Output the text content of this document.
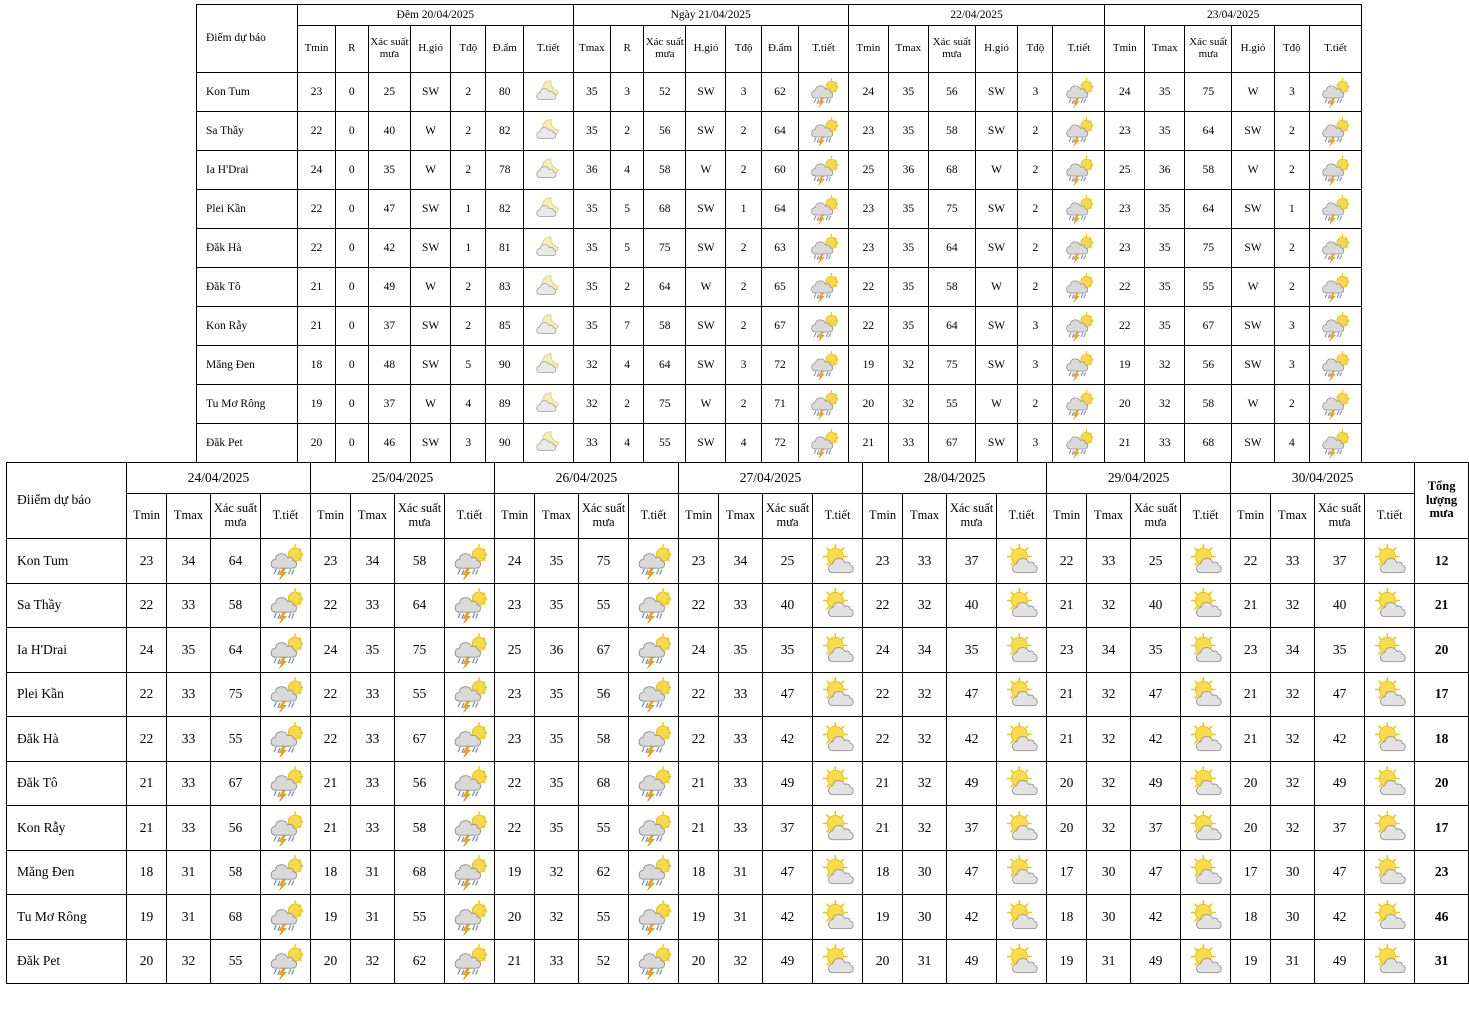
Điểm dự báo	Đêm 20/04/2025							Ngày 21/04/2025							22/04/2025						23/04/2025					
	Tmin	R	Xác suất mưa	H.gió	Tđộ	Đ.ẩm	T.tiết	Tmax	R	Xác suất mưa	H.gió	Tđộ	Đ.ẩm	T.tiết	Tmin	Tmax	Xác suất mưa	H.gió	Tđộ	T.tiết	Tmin	Tmax	Xác suất mưa	H.gió	Tđộ	T.tiết
Kon Tum	23	0	25	SW	2	80		35	3	52	SW	3	62		24	35	56	SW	3		24	35	75	W	3	

Sa Thầy	22	0	40	W	2	82		35	2	56	SW	2	64		23	35	58	SW	2		23	35	64	SW	2	

Ia H'Drai	24	0	35	W	2	78		36	4	58	W	2	60		25	36	68	W	2		25	36	58	W	2	

Plei Kần	22	0	47	SW	1	82		35	5	68	SW	1	64		23	35	75	SW	2		23	35	64	SW	1	

Đăk Hà	22	0	42	SW	1	81		35	5	75	SW	2	63		23	35	64	SW	2		23	35	75	SW	2	

Đăk Tô	21	0	49	W	2	83		35	2	64	W	2	65		22	35	58	W	2		22	35	55	W	2	

Kon Rẫy	21	0	37	SW	2	85		35	7	58	SW	2	67		22	35	64	SW	3		22	35	67	SW	3	

Măng Đen	18	0	48	SW	5	90		32	4	64	SW	3	72		19	32	75	SW	3		19	32	56	SW	3	

Tu Mơ Rông	19	0	37	W	4	89		32	2	75	W	2	71		20	32	55	W	2		20	32	58	W	2	

Đăk Pet	20	0	46	SW	3	90		33	4	55	SW	4	72		21	33	67	SW	3		21	33	68	SW	4	
Điiểm dự báo	24/04/2025				25/04/2025				26/04/2025				27/04/2025				28/04/2025				29/04/2025				30/04/2025				Tổng lượng mưa
	Tmin	Tmax	Xác suất mưa	T.tiết	Tmin	Tmax	Xác suất mưa	T.tiết	Tmin	Tmax	Xác suất mưa	T.tiết	Tmin	Tmax	Xác suất mưa	T.tiết	Tmin	Tmax	Xác suất mưa	T.tiết	Tmin	Tmax	Xác suất mưa	T.tiết	Tmin	Tmax	Xác suất mưa	T.tiết	
Kon Tum	23	34	64		23	34	58		24	35	75		23	34	25		23	33	37		22	33	25		22	33	37		12
Sa Thầy	22	33	58		22	33	64		23	35	55		22	33	40		22	32	40		21	32	40		21	32	40		21
Ia H'Drai	24	35	64		24	35	75		25	36	67		24	35	35		24	34	35		23	34	35		23	34	35		20
Plei Kần	22	33	75		22	33	55		23	35	56		22	33	47		22	32	47		21	32	47		21	32	47		17
Đăk Hà	22	33	55		22	33	67		23	35	58		22	33	42		22	32	42		21	32	42		21	32	42		18
Đăk Tô	21	33	67		21	33	56		22	35	68		21	33	49		21	32	49		20	32	49		20	32	49		20
Kon Rẫy	21	33	56		21	33	58		22	35	55		21	33	37		21	32	37		20	32	37		20	32	37		17
Măng Đen	18	31	58		18	31	68		19	32	62		18	31	47		18	30	47		17	30	47		17	30	47		23
Tu Mơ Rông	19	31	68		19	31	55		20	32	55		19	31	42		19	30	42		18	30	42		18	30	42		46
Đăk Pet	20	32	55		20	32	62		21	33	52		20	32	49		20	31	49		19	31	49		19	31	49		31
